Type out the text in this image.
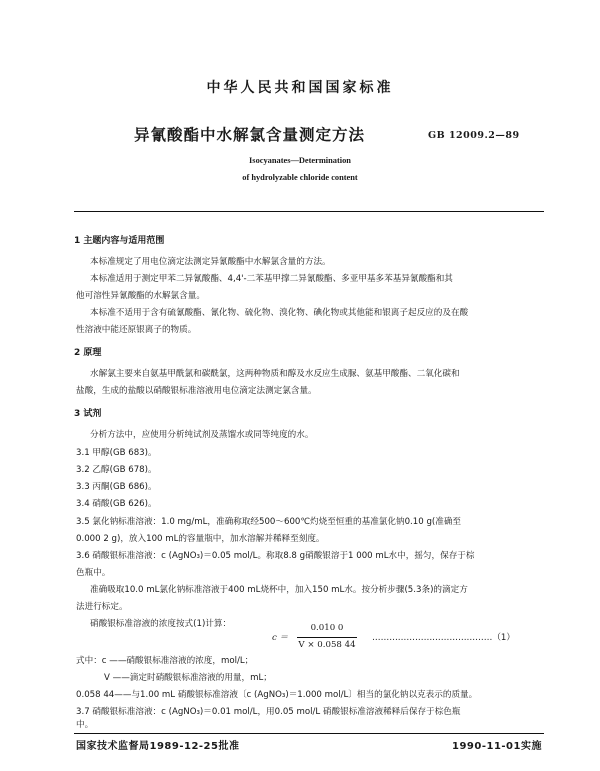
中华人民共和国国家标准
异氰酸酯中水解氯含量测定方法	GB 12009.2—89
Isocyanates—Determination
of hydrolyzable chloride content
1 主题内容与适用范围
本标准规定了用电位滴定法测定异氰酸酯中水解氯含量的方法。
本标准适用于测定甲苯二异氰酸酯、4,4'-二苯基甲撑二异氰酸酯、多亚甲基多苯基异氰酸酯和其
他可溶性异氰酸酯的水解氯含量。
本标准不适用于含有硫氰酸酯、氰化物、硫化物、溴化物、碘化物或其他能和银离子起反应的及在酸
性溶液中能还原银离子的物质。
2 原理
水解氯主要来自氨基甲酰氯和碳酰氯，这两种物质和醇及水反应生成脲、氨基甲酸酯、二氧化碳和
盐酸，生成的盐酸以硝酸银标准溶液用电位滴定法测定氯含量。
3 试剂
分析方法中，应使用分析纯试剂及蒸馏水或同等纯度的水。
3.1 甲醇(GB 683)。
3.2 乙醇(GB 678)。
3.3 丙酮(GB 686)。
3.4 硝酸(GB 626)。
3.5 氯化钠标准溶液：1.0 mg/mL，准确称取经500～600℃灼烧至恒重的基准氯化钠0.10 g(准确至
0.000 2 g)，放入100 mL的容量瓶中，加水溶解并稀释至刻度。
3.6 硝酸银标准溶液：c (AgNO₃)＝0.05 mol/L。称取8.8 g硝酸银溶于1 000 mL水中，摇匀，保存于棕
色瓶中。
准确吸取10.0 mL氯化钠标准溶液于400 mL烧杯中，加入150 mL水。按分析步骤(5.3条)的滴定方
法进行标定。
硝酸银标准溶液的浓度按式(1)计算：
c ＝
0.010 0
V × 0.058 44
……………………………………（1）
式中：c ——硝酸银标准溶液的浓度，mol/L；
V ——滴定时硝酸银标准溶液的用量，mL；
0.058 44——与1.00 mL 硝酸银标准溶液〔c (AgNO₃)＝1.000 mol/L〕相当的氯化钠以克表示的质量。
3.7 硝酸银标准溶液：c (AgNO₃)＝0.01 mol/L，用0.05 mol/L 硝酸银标准溶液稀释后保存于棕色瓶
中。
国家技术监督局1989-12-25批准	1990-11-01实施
